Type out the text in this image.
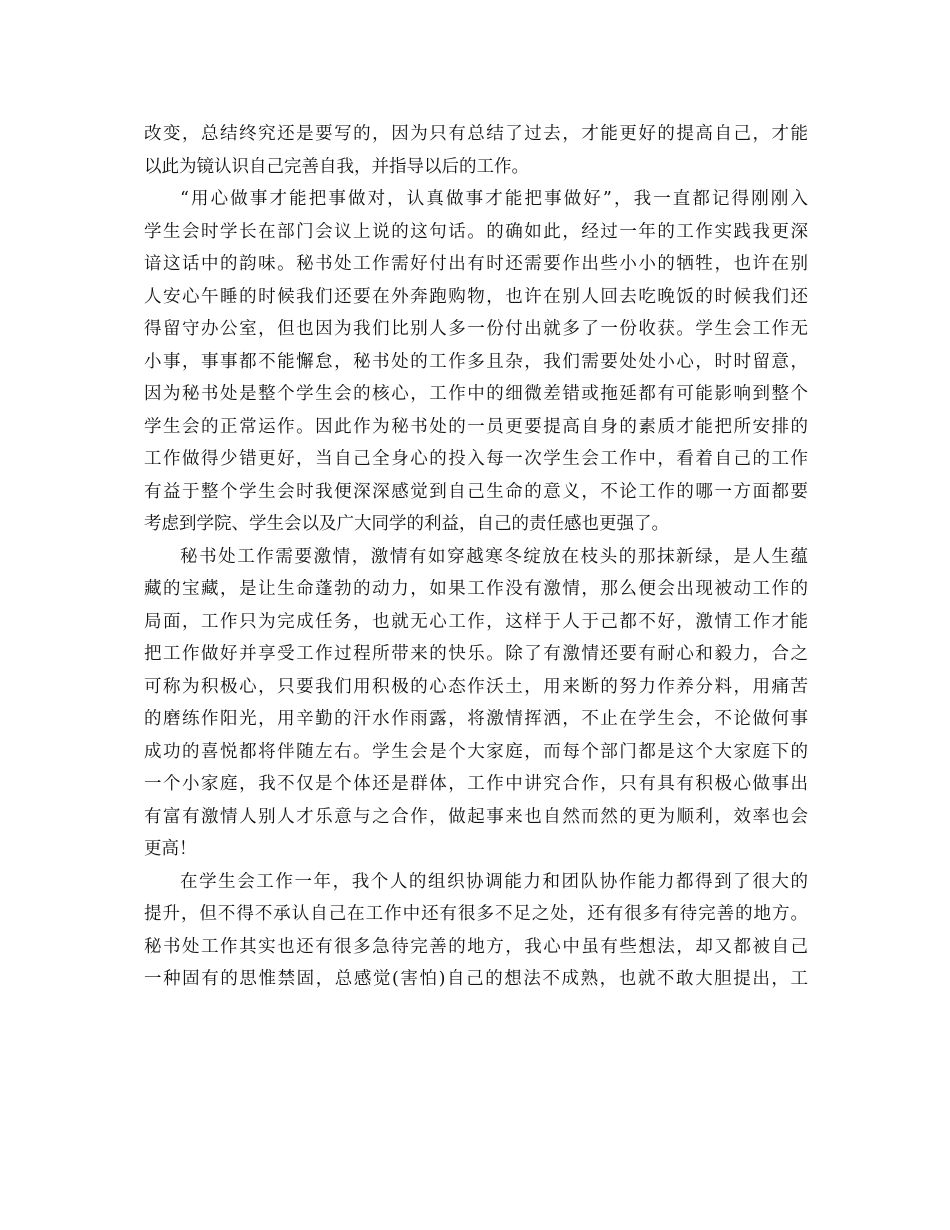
改变，总结终究还是要写的，因为只有总结了过去，才能更好的提高自己，才能
以此为镜认识自己完善自我，并指导以后的工作。
“用心做事才能把事做对，认真做事才能把事做好”，我一直都记得刚刚入
学生会时学长在部门会议上说的这句话。的确如此，经过一年的工作实践我更深
谙这话中的韵味。秘书处工作需好付出有时还需要作出些小小的牺牲，也许在别
人安心午睡的时候我们还要在外奔跑购物，也许在别人回去吃晚饭的时候我们还
得留守办公室，但也因为我们比别人多一份付出就多了一份收获。学生会工作无
小事，事事都不能懈怠，秘书处的工作多且杂，我们需要处处小心，时时留意，
因为秘书处是整个学生会的核心，工作中的细微差错或拖延都有可能影响到整个
学生会的正常运作。因此作为秘书处的一员更要提高自身的素质才能把所安排的
工作做得少错更好，当自己全身心的投入每一次学生会工作中，看着自己的工作
有益于整个学生会时我便深深感觉到自己生命的意义，不论工作的哪一方面都要
考虑到学院、学生会以及广大同学的利益，自己的责任感也更强了。
秘书处工作需要激情，激情有如穿越寒冬绽放在枝头的那抹新绿，是人生蕴
藏的宝藏，是让生命蓬勃的动力，如果工作没有激情，那么便会出现被动工作的
局面，工作只为完成任务，也就无心工作，这样于人于己都不好，激情工作才能
把工作做好并享受工作过程所带来的快乐。除了有激情还要有耐心和毅力，合之
可称为积极心，只要我们用积极的心态作沃土，用来断的努力作养分料，用痛苦
的磨练作阳光，用辛勤的汗水作雨露，将激情挥洒，不止在学生会，不论做何事
成功的喜悦都将伴随左右。学生会是个大家庭，而每个部门都是这个大家庭下的
一个小家庭，我不仅是个体还是群体，工作中讲究合作，只有具有积极心做事出
有富有激情人别人才乐意与之合作，做起事来也自然而然的更为顺利，效率也会
更高！
在学生会工作一年，我个人的组织协调能力和团队协作能力都得到了很大的
提升，但不得不承认自己在工作中还有很多不足之处，还有很多有待完善的地方。
秘书处工作其实也还有很多急待完善的地方，我心中虽有些想法，却又都被自己
一种固有的思惟禁固，总感觉(害怕)自己的想法不成熟，也就不敢大胆提出，工
